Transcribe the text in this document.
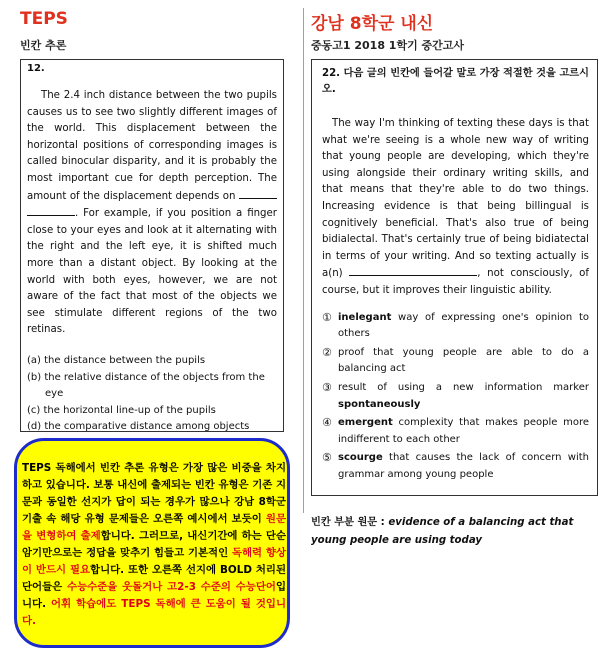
TEPS
빈칸 추론
12.
The 2.4 inch distance between the two pupils causes us to see two slightly different images of the world. This displacement between the horizontal positions of corresponding images is called binocular disparity, and it is probably the most important cue for depth perception. The amount of the displacement depends on  . For example, if you position a finger close to your eyes and look at it alternating with the right and the left eye, it is shifted much more than a distant object. By looking at the world with both eyes, however, we are not aware of the fact that most of the objects we see stimulate different regions of the two retinas.
(a) the distance between the pupils
(b) the relative distance of the objects from the eye
(c) the horizontal line-up of the pupils
(d) the comparative distance among objects
강남 8학군 내신
중동고1 2018 1학기 중간고사
22. 다음 글의 빈칸에 들어갈 말로 가장 적절한 것을 고르시오.
The way I'm thinking of texting these days is that what we're seeing is a whole new way of writing that young people are developing, which they're using alongside their ordinary writing skills, and that means that they're able to do two things. Increasing evidence is that being billingual is cognitively beneficial. That's also true of being bidialectal. That's certainly true of being bidiatectal in terms of your writing. And so texting actually is a(n)	, not consciously, of course, but it improves their linguistic ability.
① inelegant way of expressing one's opinion to others
② proof that young people are able to do a balancing act
③ result of using a new information marker spontaneously
④ emergent complexity that makes people more indifferent to each other
⑤ scourge that causes the lack of concern with grammar among young people
빈칸 부분 원문 : evidence of a balancing act that young people are using today
TEPS 독해에서 빈칸 추론 유형은 가장 많은 비중을 차지하고 있습니다. 보통 내신에 출제되는 빈칸 유형은 기존 지문과 동일한 선지가 답이 되는 경우가 많으나 강남 8학군 기출 속 해당 유형 문제들은 오른쪽 예시에서 보듯이 원문을 변형하여 출제합니다. 그러므로, 내신기간에 하는 단순 암기만으로는 정답을 맞추기 힘들고 기본적인 독해력 향상이 반드시 필요합니다. 또한 오른쪽 선지에 BOLD 처리된 단어들은 수능수준을 웃돌거나 고2-3 수준의 수능단어입니다. 어휘 학습에도 TEPS 독해에 큰 도움이 될 것입니다.
